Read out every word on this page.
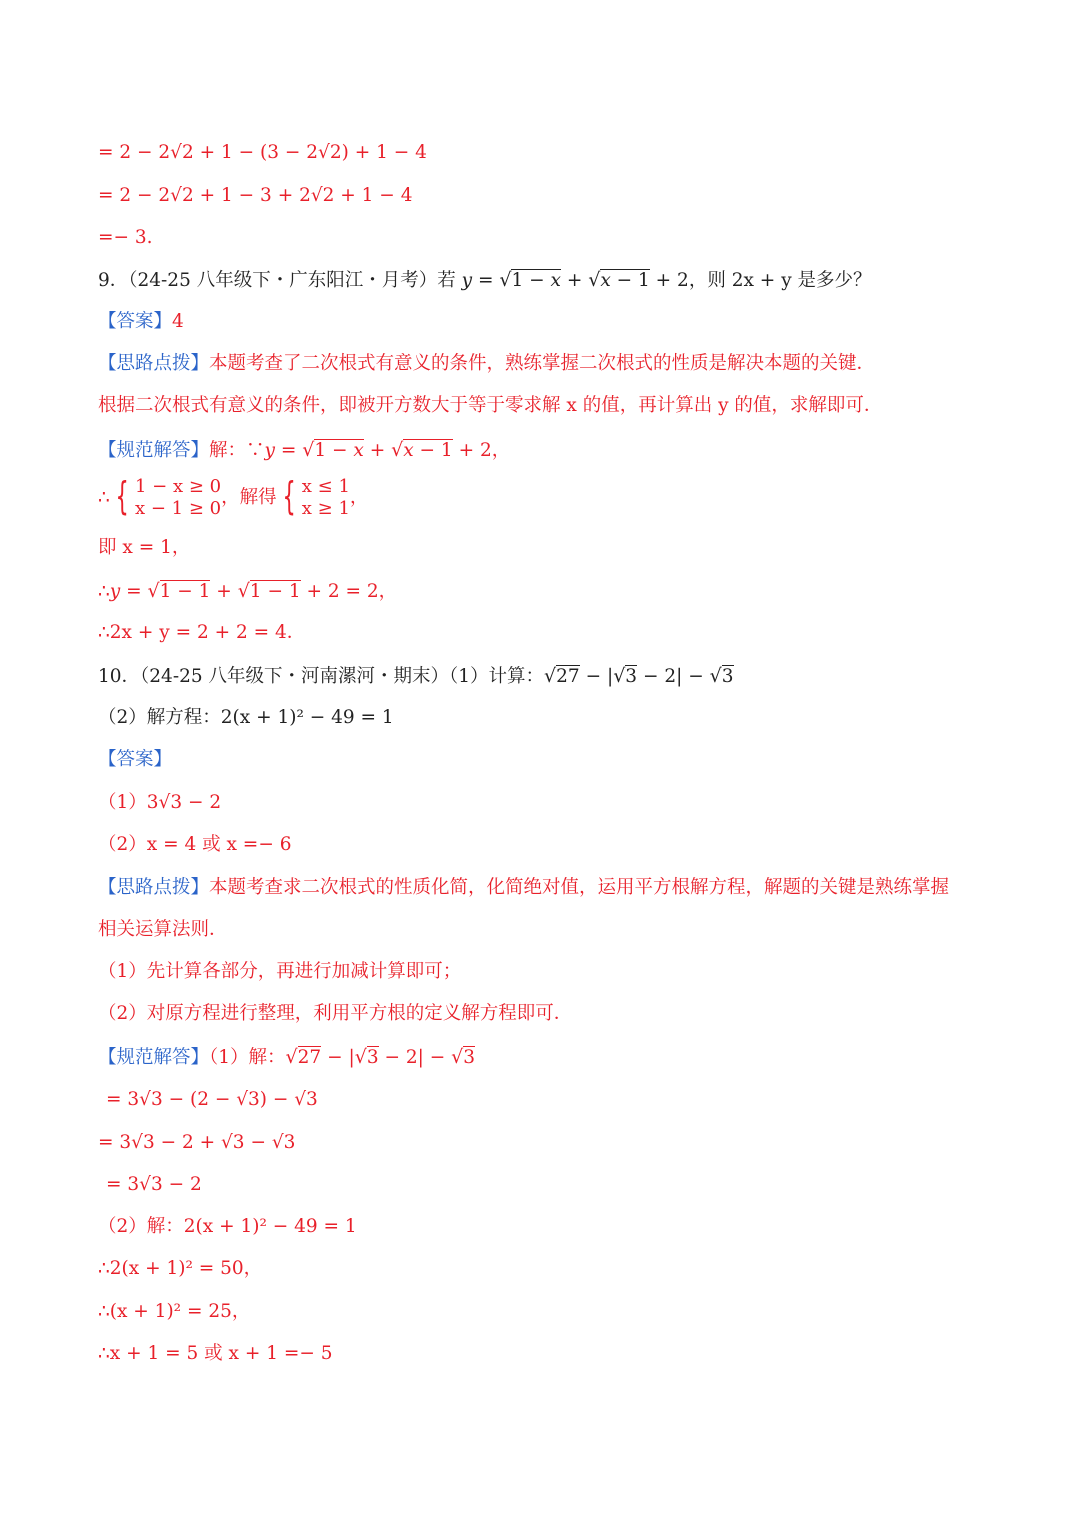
= 2 − 2√2 + 1 − (3 − 2√2) + 1 − 4
= 2 − 2√2 + 1 − 3 + 2√2 + 1 − 4
=− 3.
9．（24-25 八年级下・广东阳江・月考）若 y = √1 − x + √x − 1 + 2，则 2x + y 是多少？
【答案】4
【思路点拨】本题考查了二次根式有意义的条件，熟练掌握二次根式的性质是解决本题的关键．
根据二次根式有意义的条件，即被开方数大于等于零求解 x 的值，再计算出 y 的值，求解即可．
【规范解答】解：∵y = √1 − x + √x − 1 + 2，
∴ { 1 − x ≥ 0
x − 1 ≥ 0
，解得 { x ≤ 1
x ≥ 1
，
即 x = 1，
∴y = √1 − 1 + √1 − 1 + 2 = 2，
∴2x + y = 2 + 2 = 4．
10．（24-25 八年级下・河南漯河・期末）（1）计算：√27 − |√3 − 2| − √3
（2）解方程：2(x + 1)² − 49 = 1
【答案】
（1）3√3 − 2
（2）x = 4 或 x =− 6
【思路点拨】本题考查求二次根式的性质化简，化简绝对值，运用平方根解方程，解题的关键是熟练掌握
相关运算法则．
（1）先计算各部分，再进行加减计算即可；
（2）对原方程进行整理，利用平方根的定义解方程即可．
【规范解答】（1）解：√27 − |√3 − 2| − √3
= 3√3 − (2 − √3) − √3
= 3√3 − 2 + √3 − √3
= 3√3 − 2
（2）解：2(x + 1)² − 49 = 1
∴2(x + 1)² = 50，
∴(x + 1)² = 25，
∴x + 1 = 5 或 x + 1 =− 5
